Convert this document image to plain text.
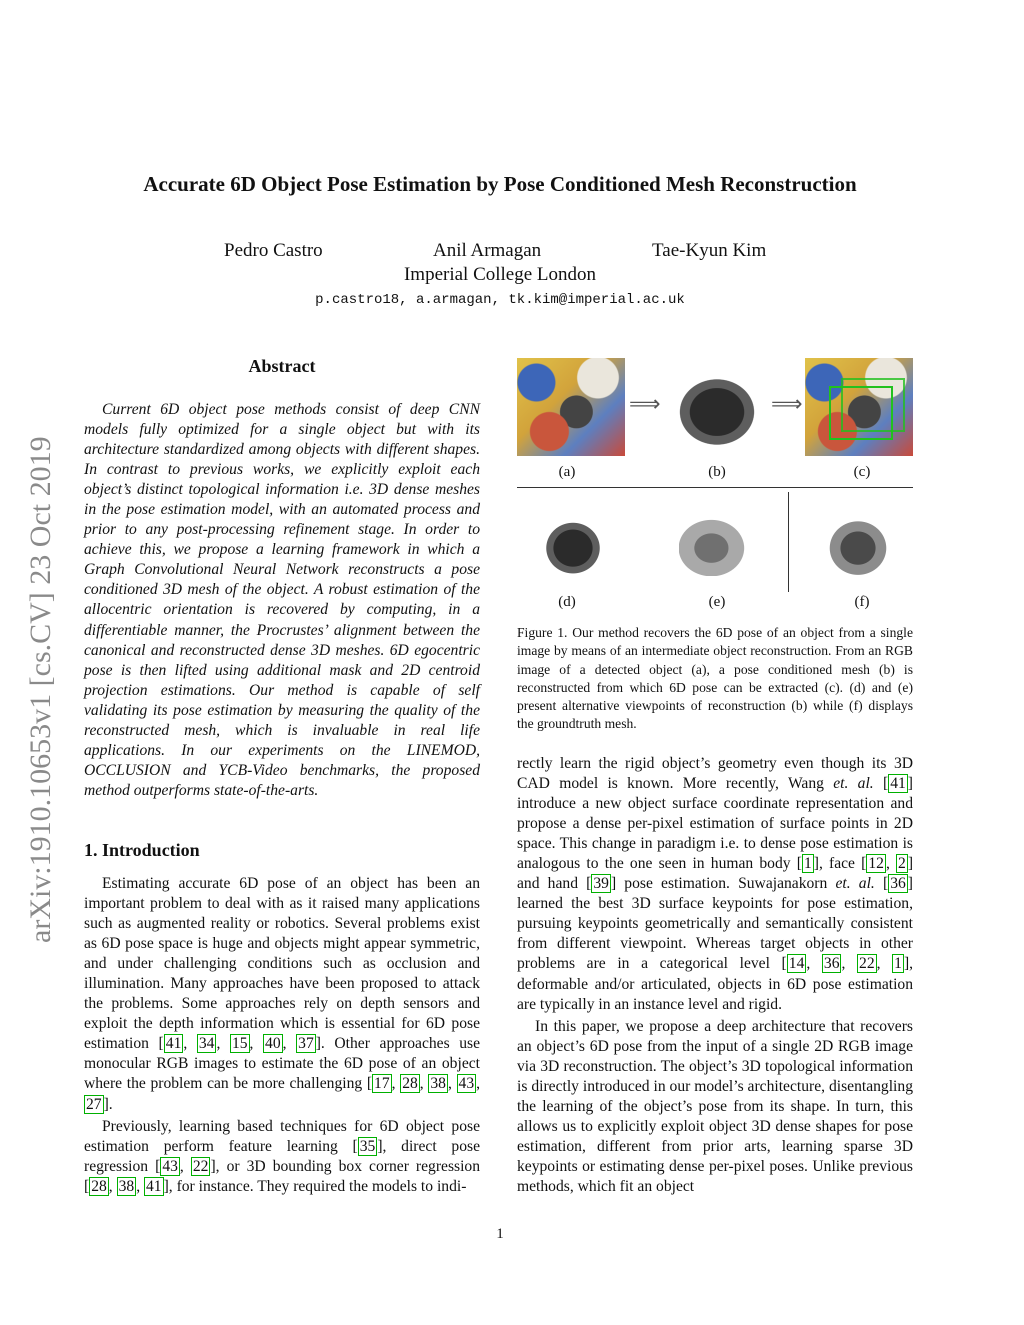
Accurate 6D Object Pose Estimation by Pose Conditioned Mesh Reconstruction
Pedro Castro	Anil Armagan	Tae-Kyun Kim
Imperial College London
p.castro18, a.armagan, tk.kim@imperial.ac.uk
arXiv:1910.10653v1 [cs.CV] 23 Oct 2019
Abstract
Current 6D object pose methods consist of deep CNN models fully optimized for a single object but with its architecture standardized among objects with different shapes. In contrast to previous works, we explicitly exploit each object’s distinct topological information i.e. 3D dense meshes in the pose estimation model, with an automated process and prior to any post-processing refinement stage. In order to achieve this, we propose a learning framework in which a Graph Convolutional Neural Network reconstructs a pose conditioned 3D mesh of the object. A robust estimation of the allocentric orientation is recovered by computing, in a differentiable manner, the Procrustes’ alignment between the canonical and reconstructed dense 3D meshes. 6D egocentric pose is then lifted using additional mask and 2D centroid projection estimations. Our method is capable of self validating its pose estimation by measuring the quality of the reconstructed mesh, which is invaluable in real life applications. In our experiments on the LINEMOD, OCCLUSION and YCB-Video benchmarks, the proposed method outperforms state-of-the-arts.
1. Introduction

Estimating accurate 6D pose of an object has been an important problem to deal with as it raised many applications such as augmented reality or robotics. Several problems exist as 6D pose space is huge and objects might appear symmetric, and under challenging conditions such as occlusion and illumination. Many approaches have been proposed to attack the problems. Some approaches rely on depth sensors and exploit the depth information which is essential for 6D pose estimation [ 41 , 34 , 15 , 40 , 37 ]. Other approaches use monocular RGB images to estimate the 6D pose of an object where the problem can be more challenging [ 17 , 28 , 38 , 43 , 27 ].

Previously, learning based techniques for 6D object pose estimation perform feature learning [ 35 ], direct pose regression [ 43 , 22 ], or 3D bounding box corner regression [ 28 , 38 , 41 ], for instance. They required the models to indi-

⟹	⟹
(a)	(b)	(c)
(d)	(e)	(f)
Figure 1. Our method recovers the 6D pose of an object from a single image by means of an intermediate object reconstruction. From an RGB image of a detected object (a), a pose conditioned mesh (b) is reconstructed from which 6D pose can be extracted (c). (d) and (e) present alternative viewpoints of reconstruction (b) while (f) displays the groundtruth mesh.

rectly learn the rigid object’s geometry even though its 3D CAD model is known. More recently, Wang et. al. [ 41 ] introduce a new object surface coordinate representation and propose a dense per-pixel estimation of surface points in 2D space. This change in paradigm i.e. to dense pose estimation is analogous to the one seen in human body [ 1 ], face [ 12 , 2 ] and hand [ 39 ] pose estimation. Suwajanakorn et. al. [ 36 ] learned the best 3D surface keypoints for pose estimation, pursuing keypoints geometrically and semantically consistent from different viewpoint. Whereas target objects in other problems are in a categorical level [ 14 , 36 , 22 , 1 ], deformable and/or articulated, objects in 6D pose estimation are typically in an instance level and rigid.

In this paper, we propose a deep architecture that recovers an object’s 6D pose from the input of a single 2D RGB image via 3D reconstruction. The object’s 3D topological information is directly introduced in our model’s architecture, disentangling the learning of the object’s pose from its shape. In turn, this allows us to explicitly exploit object 3D dense shapes for pose estimation, different from prior arts, learning sparse 3D keypoints or estimating dense per-pixel poses. Unlike previous methods, which fit an object

1
